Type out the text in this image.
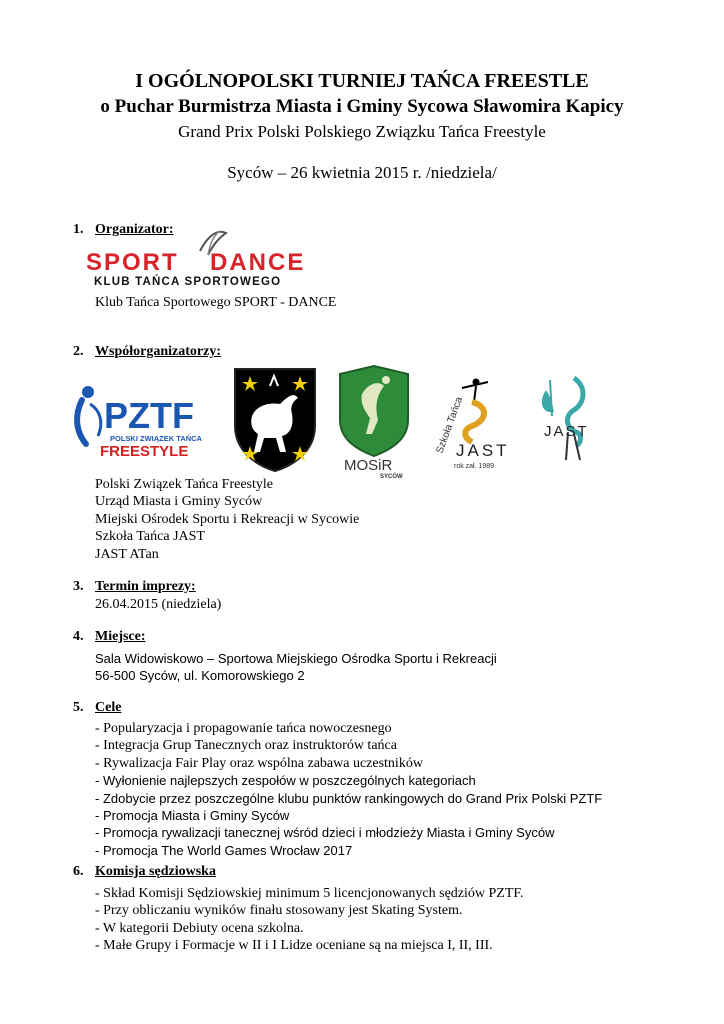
I OGÓLNOPOLSKI TURNIEJ TAŃCA FREESTLE
o Puchar Burmistrza Miasta i Gminy Sycowa Sławomira Kapicy
Grand Prix Polski Polskiego Związku Tańca Freestyle
Syców – 26 kwietnia 2015 r. /niedziela/
1. Organizator:
SPORT DANCE
KLUB TAŃCA SPORTOWEGO
Klub Tańca Sportowego SPORT - DANCE
2. Współorganizatorzy:
PZTF
POLSKI ZWIĄZEK TAŃCA
FREESTYLE
MOSiR
SYCÓW
Szkoła Tańca
JAST
rok zał. 1989
JAST
Polski Związek Tańca Freestyle
Urząd Miasta i Gminy Syców
Miejski Ośrodek Sportu i Rekreacji w Sycowie
Szkoła Tańca JAST
JAST ATan
3. Termin imprezy:
26.04.2015 (niedziela)
4. Miejsce:
Sala Widowiskowo – Sportowa Miejskiego Ośrodka Sportu i Rekreacji
56-500 Syców, ul. Komorowskiego 2
5. Cele
- Popularyzacja i propagowanie tańca nowoczesnego
- Integracja Grup Tanecznych oraz instruktorów tańca
- Rywalizacja Fair Play oraz wspólna zabawa uczestników
- Wyłonienie najlepszych zespołów w poszczególnych kategoriach
- Zdobycie przez poszczególne klubu punktów rankingowych do Grand Prix Polski PZTF
- Promocja Miasta i Gminy Syców
- Promocja rywalizacji tanecznej wśród dzieci i młodzieży Miasta i Gminy Syców
- Promocja The World Games Wrocław 2017
6. Komisja sędziowska
- Skład Komisji Sędziowskiej minimum 5 licencjonowanych sędziów PZTF.
- Przy obliczaniu wyników finału stosowany jest Skating System.
- W kategorii Debiuty ocena szkolna.
- Małe Grupy i Formacje w II i I Lidze oceniane są na miejsca I, II, III.
